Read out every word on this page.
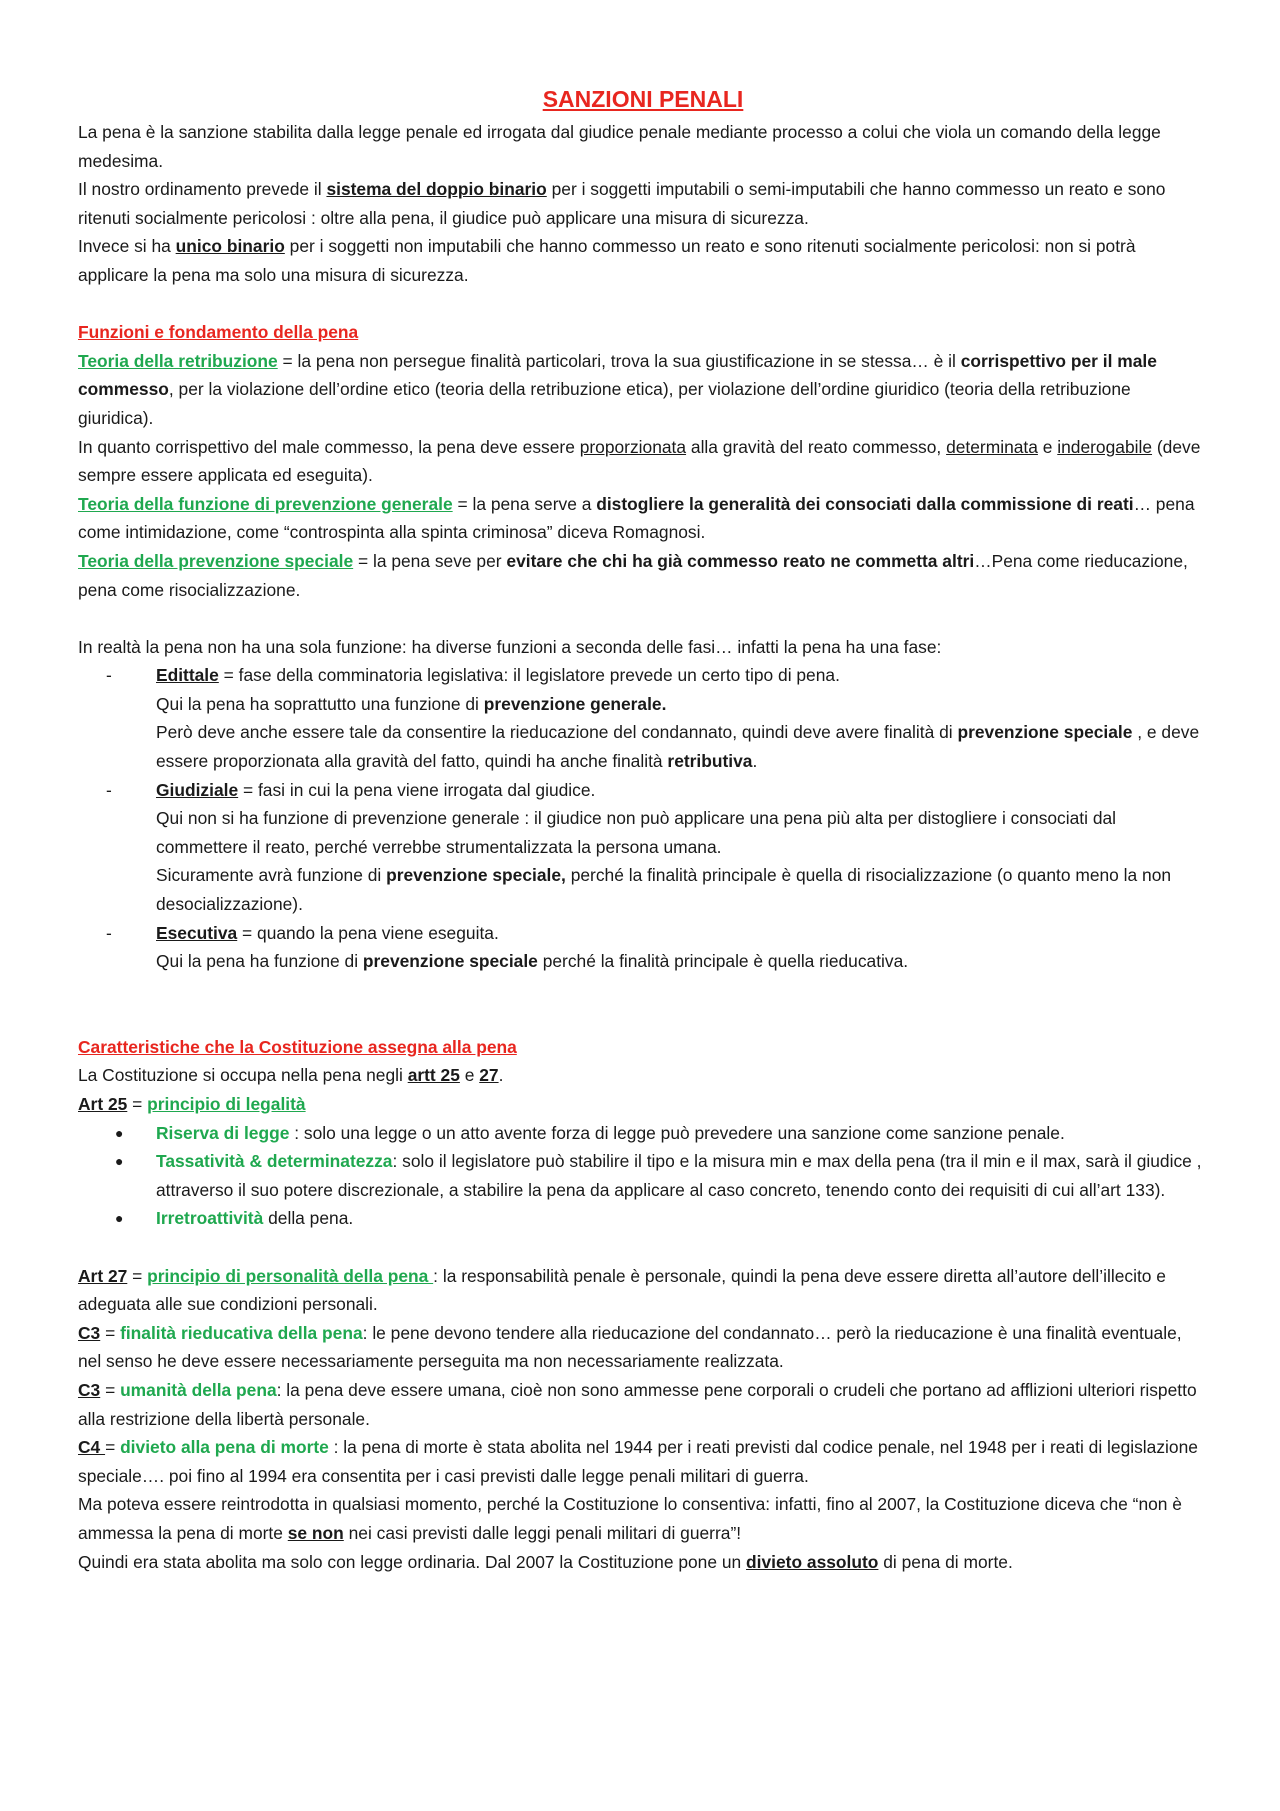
SANZIONI PENALI

La pena è la sanzione stabilita dalla legge penale ed irrogata dal giudice penale mediante processo a colui che viola un comando della legge medesima.

Il nostro ordinamento prevede il sistema del doppio binario per i soggetti imputabili o semi-imputabili che hanno commesso un reato e sono ritenuti socialmente pericolosi : oltre alla pena, il giudice può applicare una misura di sicurezza.

Invece si ha unico binario per i soggetti non imputabili che hanno commesso un reato e sono ritenuti socialmente pericolosi: non si potrà applicare la pena ma solo una misura di sicurezza.

Funzioni e fondamento della pena

Teoria della retribuzione = la pena non persegue finalità particolari, trova la sua giustificazione in se stessa… è il corrispettivo per il male commesso, per la violazione dell’ordine etico (teoria della retribuzione etica), per violazione dell’ordine giuridico (teoria della retribuzione giuridica).

In quanto corrispettivo del male commesso, la pena deve essere proporzionata alla gravità del reato commesso, determinata e inderogabile (deve sempre essere applicata ed eseguita).

Teoria della funzione di prevenzione generale = la pena serve a distogliere la generalità dei consociati dalla commissione di reati… pena come intimidazione, come “controspinta alla spinta criminosa” diceva Romagnosi.

Teoria della prevenzione speciale = la pena seve per evitare che chi ha già commesso reato ne commetta altri…Pena come rieducazione, pena come risocializzazione.

In realtà la pena non ha una sola funzione: ha diverse funzioni a seconda delle fasi… infatti la pena ha una fase:

-	Edittale = fase della comminatoria legislativa: il legislatore prevede un certo tipo di pena.

Qui la pena ha soprattutto una funzione di prevenzione generale.

Però deve anche essere tale da consentire la rieducazione del condannato, quindi deve avere finalità di prevenzione speciale , e deve essere proporzionata alla gravità del fatto, quindi ha anche finalità retributiva.

-	Giudiziale = fasi in cui la pena viene irrogata dal giudice.

Qui non si ha funzione di prevenzione generale : il giudice non può applicare una pena più alta per distogliere i consociati dal commettere il reato, perché verrebbe strumentalizzata la persona umana.

Sicuramente avrà funzione di prevenzione speciale, perché la finalità principale è quella di risocializzazione (o quanto meno la non desocializzazione).

-	Esecutiva = quando la pena viene eseguita.

Qui la pena ha funzione di prevenzione speciale perché la finalità principale è quella rieducativa.

Caratteristiche che la Costituzione assegna alla pena

La Costituzione si occupa nella pena negli artt 25 e 27.

Art 25 = principio di legalità

● Riserva di legge : solo una legge o un atto avente forza di legge può prevedere una sanzione come sanzione penale.

● Tassatività & determinatezza: solo il legislatore può stabilire il tipo e la misura min e max della pena (tra il min e il max, sarà il giudice , attraverso il suo potere discrezionale, a stabilire la pena da applicare al caso concreto, tenendo conto dei requisiti di cui all’art 133).

● Irretroattività della pena.

Art 27 = principio di personalità della pena : la responsabilità penale è personale, quindi la pena deve essere diretta all’autore dell’illecito e adeguata alle sue condizioni personali.

C3 = finalità rieducativa della pena: le pene devono tendere alla rieducazione del condannato… però la rieducazione è una finalità eventuale, nel senso he deve essere necessariamente perseguita ma non necessariamente realizzata.

C3 = umanità della pena: la pena deve essere umana, cioè non sono ammesse pene corporali o crudeli che portano ad afflizioni ulteriori rispetto alla restrizione della libertà personale.

C4 = divieto alla pena di morte : la pena di morte è stata abolita nel 1944 per i reati previsti dal codice penale, nel 1948 per i reati di legislazione speciale…. poi fino al 1994 era consentita per i casi previsti dalle legge penali militari di guerra.

Ma poteva essere reintrodotta in qualsiasi momento, perché la Costituzione lo consentiva: infatti, fino al 2007, la Costituzione diceva che “non è ammessa la pena di morte se non nei casi previsti dalle leggi penali militari di guerra”!

Quindi era stata abolita ma solo con legge ordinaria. Dal 2007 la Costituzione pone un divieto assoluto di pena di morte.
